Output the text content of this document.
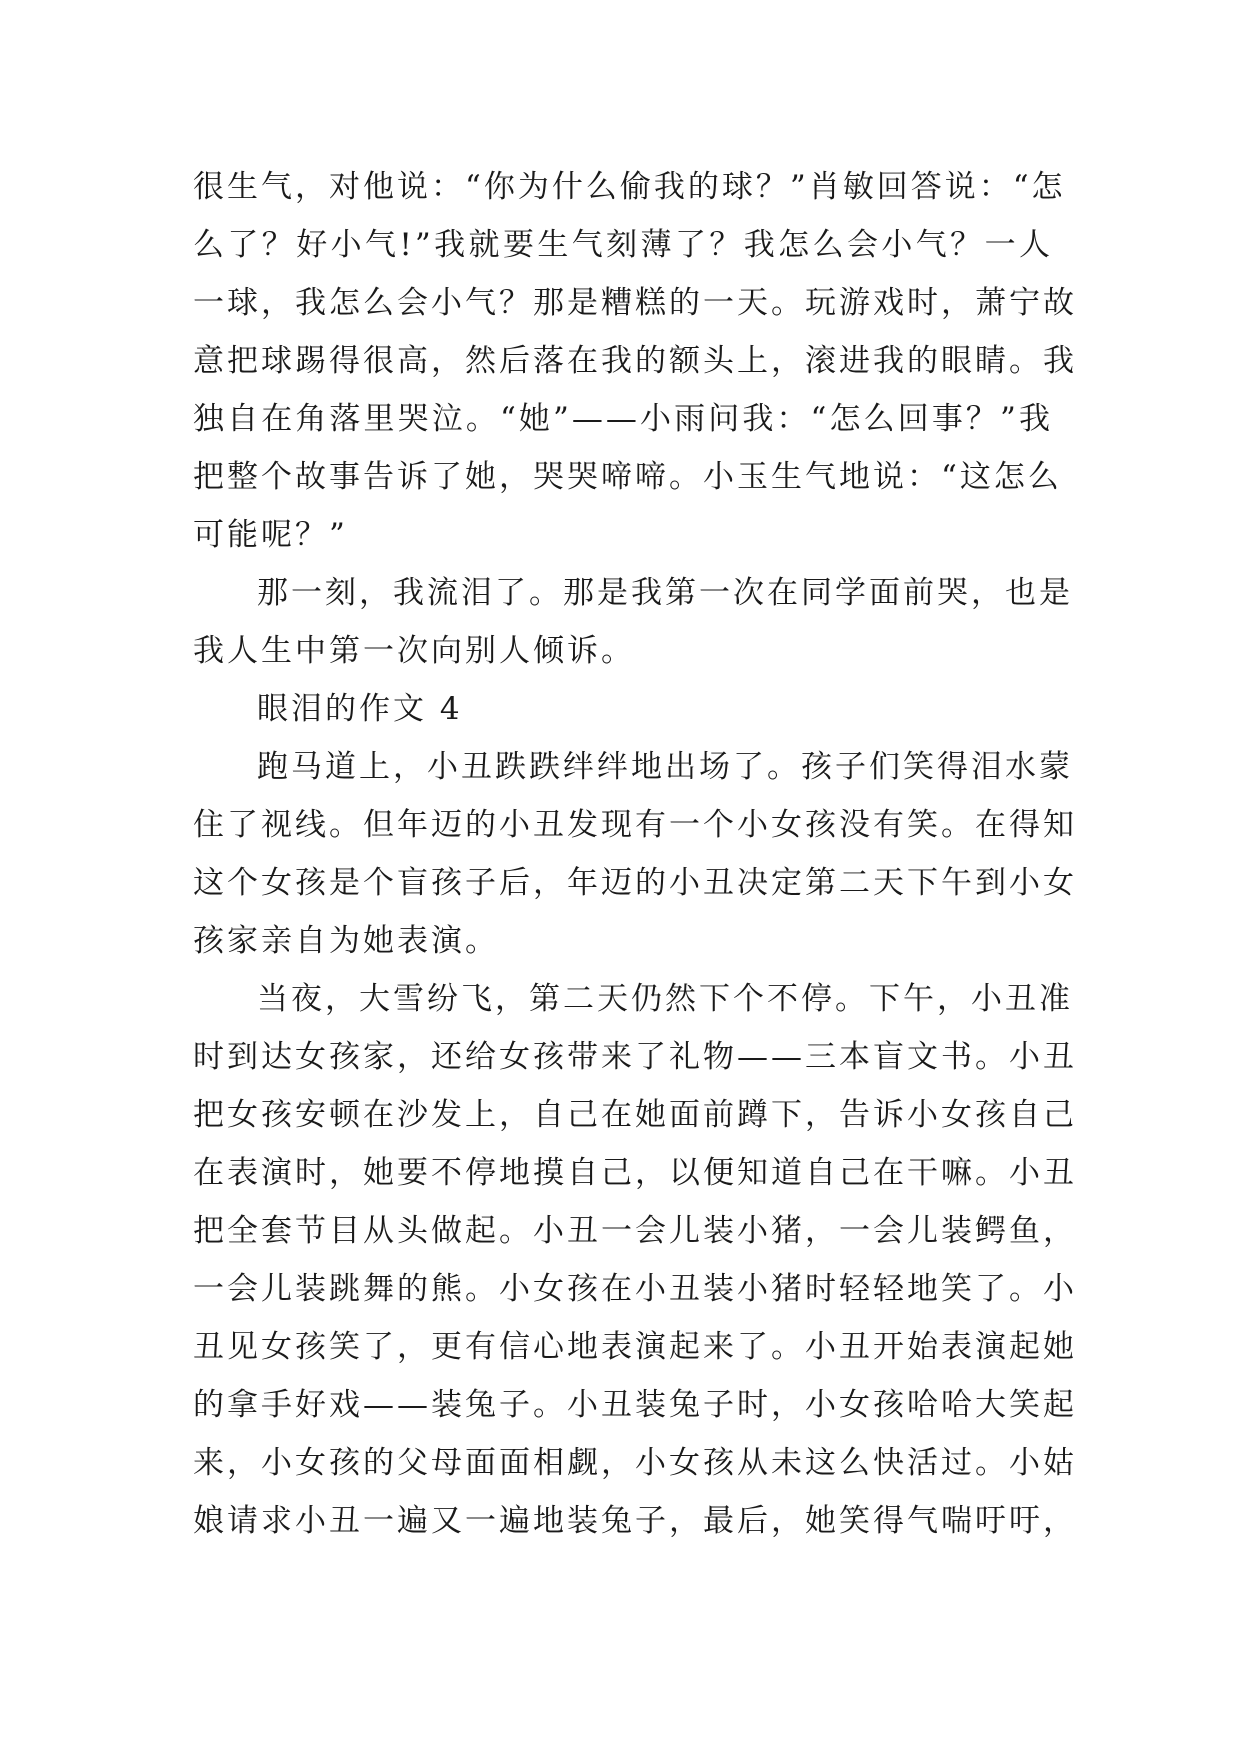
很生气，对他说：“你为什么偷我的球？”肖敏回答说：“怎
么了？好小气!”我就要生气刻薄了？我怎么会小气？一人
一球，我怎么会小气？那是糟糕的一天。玩游戏时，萧宁故
意把球踢得很高，然后落在我的额头上，滚进我的眼睛。我
独自在角落里哭泣。“她”——小雨问我：“怎么回事？”我
把整个故事告诉了她，哭哭啼啼。小玉生气地说：“这怎么
可能呢？”
那一刻，我流泪了。那是我第一次在同学面前哭，也是
我人生中第一次向别人倾诉。
眼泪的作文 4
跑马道上，小丑跌跌绊绊地出场了。孩子们笑得泪水蒙
住了视线。但年迈的小丑发现有一个小女孩没有笑。在得知
这个女孩是个盲孩子后，年迈的小丑决定第二天下午到小女
孩家亲自为她表演。
当夜，大雪纷飞，第二天仍然下个不停。下午，小丑准
时到达女孩家，还给女孩带来了礼物——三本盲文书。小丑
把女孩安顿在沙发上，自己在她面前蹲下，告诉小女孩自己
在表演时，她要不停地摸自己，以便知道自己在干嘛。小丑
把全套节目从头做起。小丑一会儿装小猪，一会儿装鳄鱼，
一会儿装跳舞的熊。小女孩在小丑装小猪时轻轻地笑了。小
丑见女孩笑了，更有信心地表演起来了。小丑开始表演起她
的拿手好戏——装兔子。小丑装兔子时，小女孩哈哈大笑起
来，小女孩的父母面面相觑，小女孩从未这么快活过。小姑
娘请求小丑一遍又一遍地装兔子，最后，她笑得气喘吁吁，
